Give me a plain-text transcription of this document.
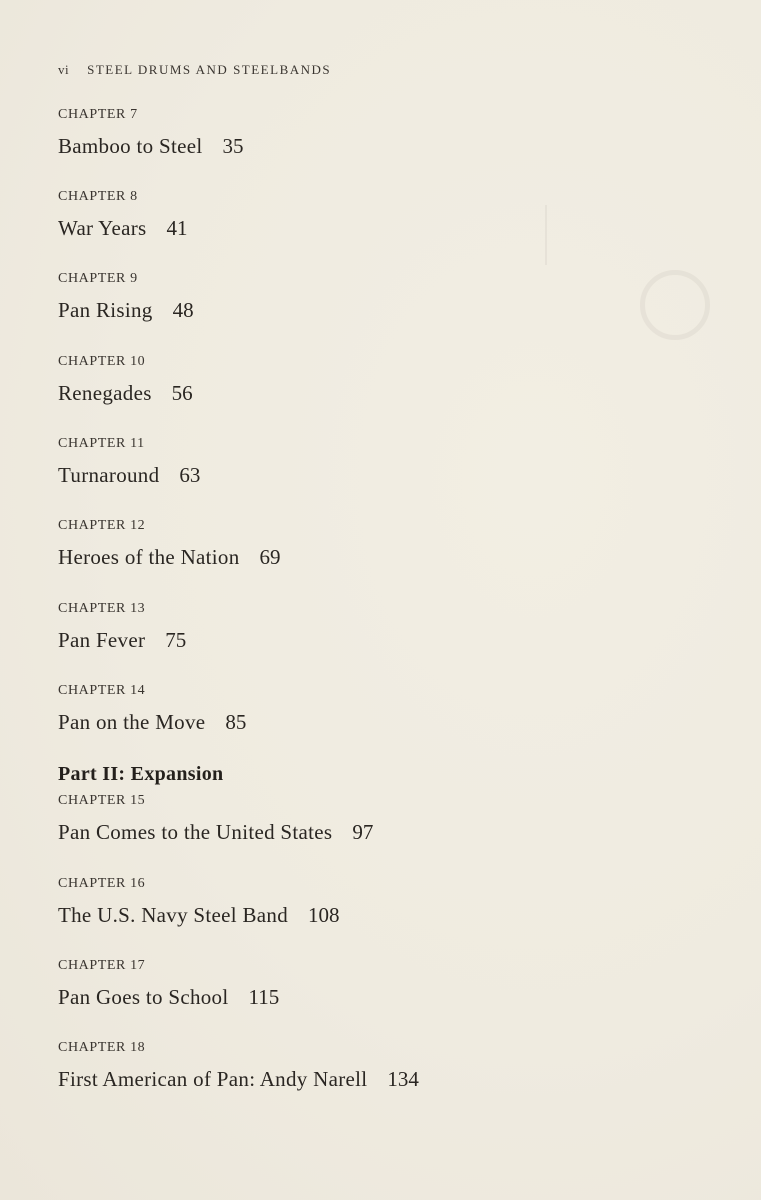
vi STEEL DRUMS AND STEELBANDS
CHAPTER 7
Bamboo to Steel 35
CHAPTER 8
War Years 41
CHAPTER 9
Pan Rising 48
CHAPTER 10
Renegades 56
CHAPTER 11
Turnaround 63
CHAPTER 12
Heroes of the Nation 69
CHAPTER 13
Pan Fever 75
CHAPTER 14
Pan on the Move 85
CHAPTER 15
Pan Comes to the United States 97
CHAPTER 16
The U.S. Navy Steel Band 108
CHAPTER 17
Pan Goes to School 115
CHAPTER 18
First American of Pan: Andy Narell 134
Part II: Expansion
